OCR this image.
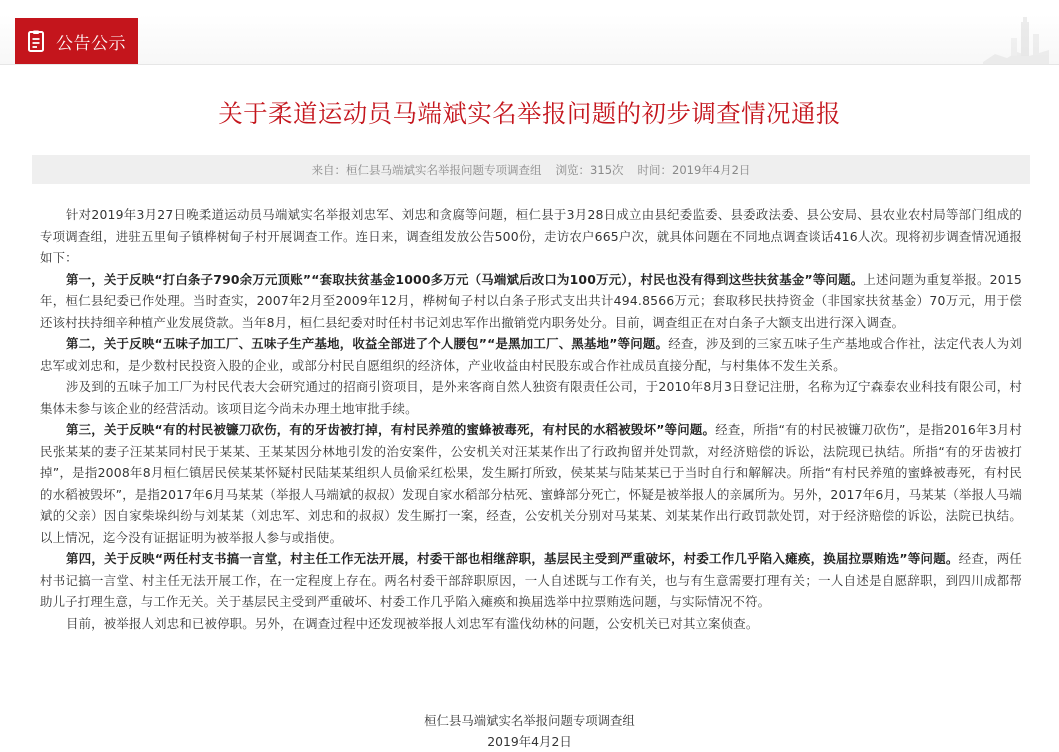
公告公示
关于柔道运动员马端斌实名举报问题的初步调查情况通报
来自：桓仁县马端斌实名举报问题专项调查组 浏览：315次 时间：2019年4月2日

针对2019年3月27日晚柔道运动员马端斌实名举报刘忠军、刘忠和贪腐等问题，桓仁县于3月28日成立由县纪委监委、县委政法委、县公安局、县农业农村局等部门组成的专项调查组，进驻五里甸子镇桦树甸子村开展调查工作。连日来，调查组发放公告500份，走访农户665户次，就具体问题在不同地点调查谈话416人次。现将初步调查情况通报如下：

第一，关于反映“打白条子790余万元顶账”“套取扶贫基金1000多万元（马端斌后改口为100万元），村民也没有得到这些扶贫基金”等问题。上述问题为重复举报。2015年，桓仁县纪委已作处理。当时查实，2007年2月至2009年12月，桦树甸子村以白条子形式支出共计494.8566万元；套取移民扶持资金（非国家扶贫基金）70万元，用于偿还该村扶持细辛种植产业发展贷款。当年8月，桓仁县纪委对时任村书记刘忠军作出撤销党内职务处分。目前，调查组正在对白条子大额支出进行深入调查。

第二，关于反映“五味子加工厂、五味子生产基地，收益全部进了个人腰包”“是黑加工厂、黑基地”等问题。经查，涉及到的三家五味子生产基地或合作社，法定代表人为刘忠军或刘忠和，是少数村民投资入股的企业，或部分村民自愿组织的经济体，产业收益由村民股东或合作社成员直接分配，与村集体不发生关系。

涉及到的五味子加工厂为村民代表大会研究通过的招商引资项目，是外来客商自然人独资有限责任公司，于2010年8月3日登记注册，名称为辽宁森泰农业科技有限公司，村集体未参与该企业的经营活动。该项目迄今尚未办理土地审批手续。

第三，关于反映“有的村民被镰刀砍伤，有的牙齿被打掉，有村民养殖的蜜蜂被毒死，有村民的水稻被毁坏”等问题。经查，所指“有的村民被镰刀砍伤”，是指2016年3月村民张某某的妻子汪某某同村民于某某、王某某因分林地引发的治安案件，公安机关对汪某某作出了行政拘留并处罚款，对经济赔偿的诉讼，法院现已执结。所指“有的牙齿被打掉”，是指2008年8月桓仁镇居民侯某某怀疑村民陆某某组织人员偷采红松果，发生厮打所致，侯某某与陆某某已于当时自行和解解决。所指“有村民养殖的蜜蜂被毒死，有村民的水稻被毁坏”，是指2017年6月马某某（举报人马端斌的叔叔）发现自家水稻部分枯死、蜜蜂部分死亡，怀疑是被举报人的亲属所为。另外，2017年6月，马某某（举报人马端斌的父亲）因自家柴垛纠纷与刘某某（刘忠军、刘忠和的叔叔）发生厮打一案，经查，公安机关分别对马某某、刘某某作出行政罚款处罚，对于经济赔偿的诉讼，法院已执结。以上情况，迄今没有证据证明为被举报人参与或指使。

第四，关于反映“两任村支书搞一言堂，村主任工作无法开展，村委干部也相继辞职，基层民主受到严重破坏，村委工作几乎陷入瘫痪，换届拉票贿选”等问题。经查，两任村书记搞一言堂、村主任无法开展工作，在一定程度上存在。两名村委干部辞职原因，一人自述既与工作有关，也与有生意需要打理有关；一人自述是自愿辞职，到四川成都帮助儿子打理生意，与工作无关。关于基层民主受到严重破坏、村委工作几乎陷入瘫痪和换届选举中拉票贿选问题，与实际情况不符。

目前，被举报人刘忠和已被停职。另外，在调查过程中还发现被举报人刘忠军有滥伐幼林的问题，公安机关已对其立案侦查。

桓仁县马端斌实名举报问题专项调查组
2019年4月2日
